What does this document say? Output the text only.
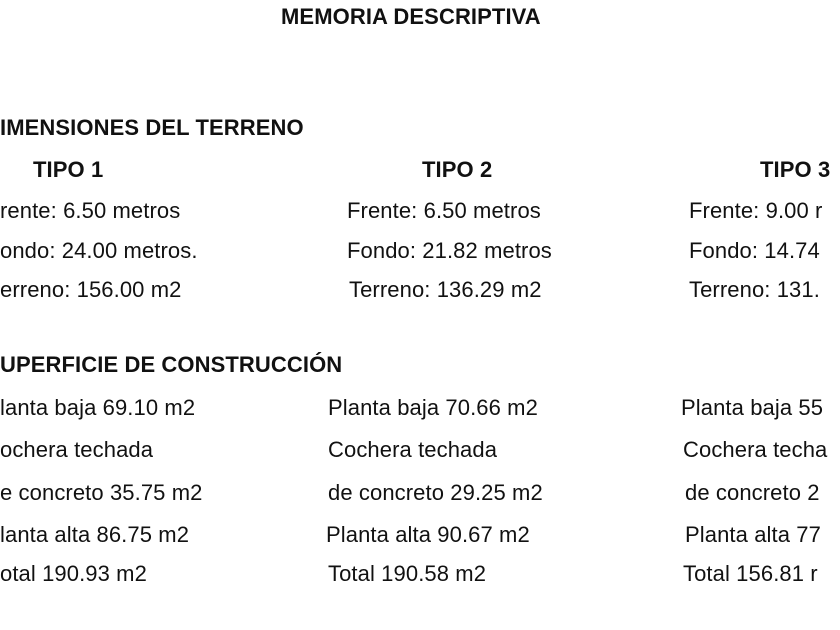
MEMORIA DESCRIPTIVA
IMENSIONES DEL TERRENO
TIPO 1	TIPO 2	TIPO 3
rente: 6.50 metros
ondo: 24.00 metros.
erreno: 156.00 m2
Frente: 6.50 metros
Fondo: 21.82 metros
Terreno: 136.29 m2
Frente: 9.00 r
Fondo: 14.74
Terreno: 131.
UPERFICIE DE CONSTRUCCIÓN
lanta baja 69.10 m2
ochera techada
e concreto 35.75 m2
lanta alta 86.75 m2
otal 190.93 m2
Planta baja 70.66 m2
Cochera techada
de concreto 29.25 m2
Planta alta 90.67 m2
Total 190.58 m2
Planta baja 55
Cochera techa
de concreto 2
Planta alta 77
Total 156.81 r
